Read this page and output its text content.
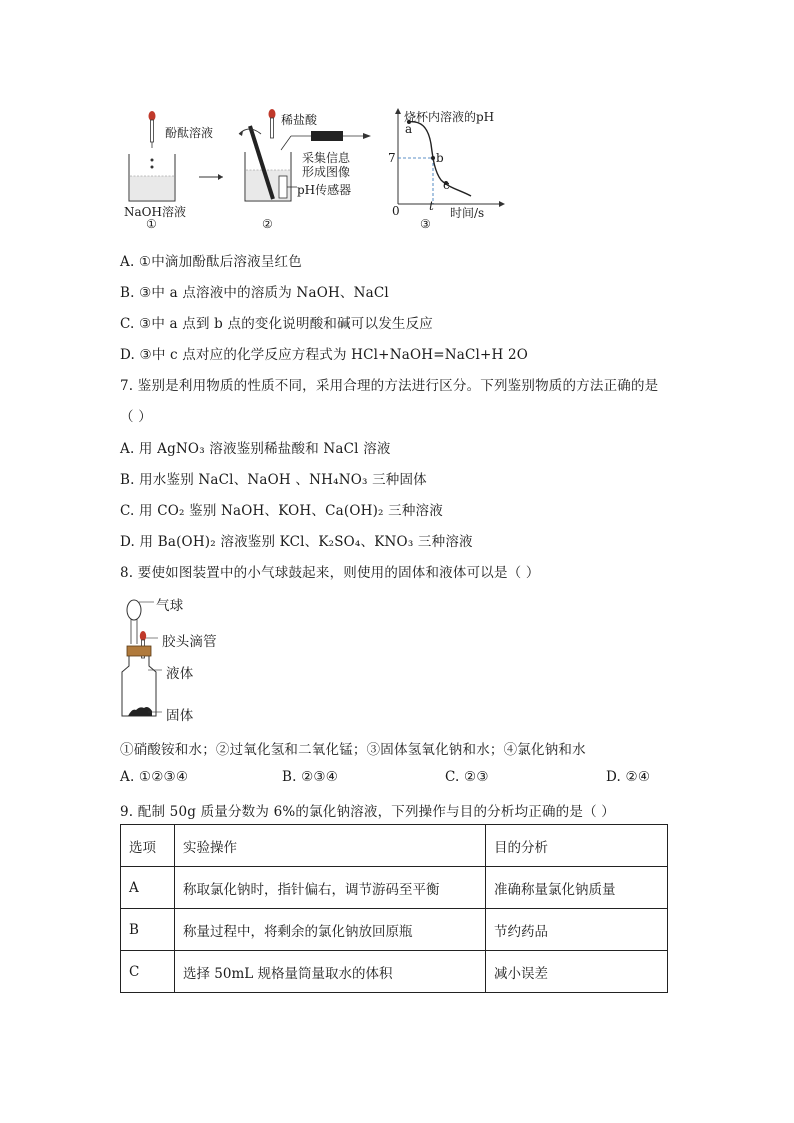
酚酞溶液
NaOH溶液
①
稀盐酸
采集信息
形成图像
pH传感器
②
烧杯内溶液的pH
7
0 t 时间/s
a
b
c
③
A. ①中滴加酚酞后溶液呈红色
B. ③中 a 点溶液中的溶质为 NaOH、NaCl
C. ③中 a 点到 b 点的变化说明酸和碱可以发生反应
D. ③中 c 点对应的化学反应方程式为 HCl+NaOH=NaCl+H 2O
7. 鉴别是利用物质的性质不同，采用合理的方法进行区分。下列鉴别物质的方法正确的是
（ ）
A. 用 AgNO₃ 溶液鉴别稀盐酸和 NaCl 溶液
B. 用水鉴别 NaCl、NaOH 、NH₄NO₃ 三种固体
C. 用 CO₂ 鉴别 NaOH、KOH、Ca(OH)₂ 三种溶液
D. 用 Ba(OH)₂ 溶液鉴别 KCl、K₂SO₄、KNO₃ 三种溶液
8. 要使如图装置中的小气球鼓起来，则使用的固体和液体可以是（ ）
气球
胶头滴管
液体
固体
①硝酸铵和水；②过氧化氢和二氧化锰；③固体氢氧化钠和水；④氯化钠和水
A. ①②③④	B. ②③④	C. ②③	D. ②④
9. 配制 50g 质量分数为 6%的氯化钠溶液，下列操作与目的分析均正确的是（ ）
选项	实验操作	目的分析
A	称取氯化钠时，指针偏右，调节游码至平衡	准确称量氯化钠质量
B	称量过程中，将剩余的氯化钠放回原瓶	节约药品
C	选择 50mL 规格量筒量取水的体积	减小误差
